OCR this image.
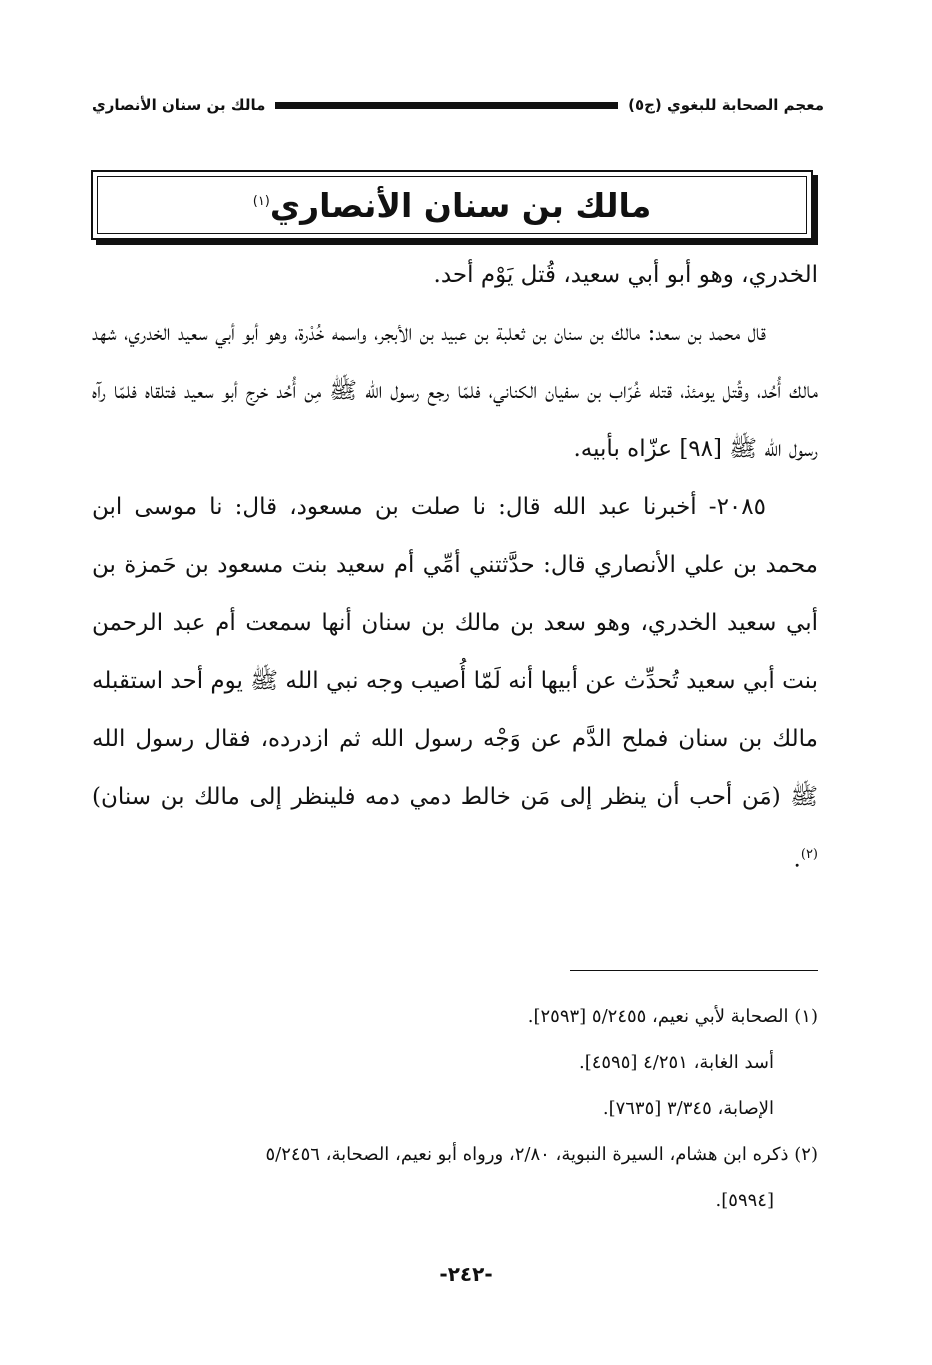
معجم الصحابة للبغوي (ج٥)
مالك بن سنان الأنصاري
مالك بن سنان الأنصاري$^{(١)}$

الخدري، وهو أبو أبي سعيد، قُتل يَوْم أحد.

قال محمد بن سعد: مالك بن سنان بن ثعلبة بن عبيد بن الأبجر، واسمه خُدْرة، وهو أبو أبي سعيد الخدري، شهد مالك أُحُد، وقُتل يومئذ، قتله غُرّاب بن سفيان الكناني، فلمّا رجع رسول الله ﷺ مِن أُحُد خرج أبو سعيد فتلقاه فلمّا رآه رسول الله ﷺ [٩٨] عزّاه بأبيه.

٢٠٨٥- أخبرنا عبد الله قال: نا صلت بن مسعود، قال: نا موسى ابن محمد بن علي الأنصاري قال: حدَّثتني أمِّي أم سعيد بنت مسعود بن حَمزة بن أبي سعيد الخدري، وهو سعد بن مالك بن سنان أنها سمعت أم عبد الرحمن بنت أبي سعيد تُحدِّث عن أبيها أنه لَمّا أُصيب وجه نبي الله ﷺ يوم أحد استقبله مالك بن سنان فملح الدَّم عن وَجْه رسول الله ثم ازدرده، فقال رسول الله ﷺ (مَن أحب أن ينظر إلى مَن خالط دمي دمه فلينظر إلى مالك بن سنان) $^{(٢)}$.

(١) الصحابة لأبي نعيم، ٥/٢٤٥٥ [٢٥٩٣].

أسد الغابة، ٤/٢٥١ [٤٥٩٥].

الإصابة، ٣/٣٤٥ [٧٦٣٥].

(٢) ذكره ابن هشام، السيرة النبوية، ٢/٨٠، ورواه أبو نعيم، الصحابة، ٥/٢٤٥٦

[٥٩٩٤].

-٢٤٢-
